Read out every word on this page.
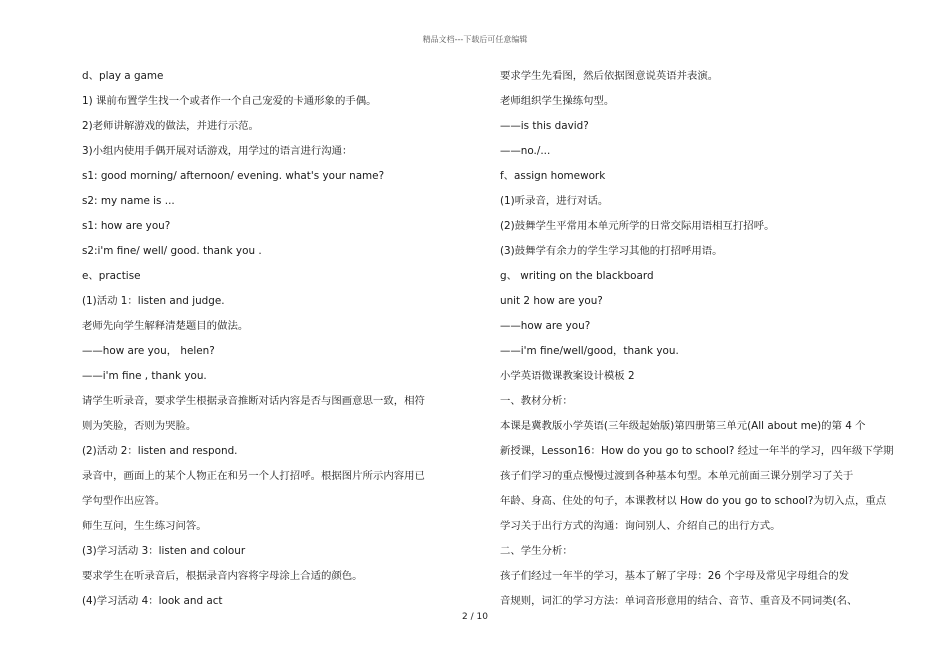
精品文档---下载后可任意编辑
d、play a game
1) 课前布置学生找一个或者作一个自己宠爱的卡通形象的手偶。
2)老师讲解游戏的做法，并进行示范。
3)小组内使用手偶开展对话游戏，用学过的语言进行沟通：
s1: good morning/ afternoon/ evening. what's your name?
s2: my name is ...
s1: how are you?
s2:i'm fine/ well/ good. thank you .
e、practise
(1)活动 1：listen and judge.
老师先向学生解释清楚题目的做法。
——how are you， helen?
——i'm fine , thank you.
请学生听录音，要求学生根据录音推断对话内容是否与图画意思一致，相符
则为笑脸，否则为哭脸。
(2)活动 2：listen and respond.
录音中，画面上的某个人物正在和另一个人打招呼。根据图片所示内容用已
学句型作出应答。
师生互问，生生练习问答。
(3)学习活动 3：listen and colour
要求学生在听录音后，根据录音内容将字母涂上合适的颜色。
(4)学习活动 4：look and act
要求学生先看图，然后依据图意说英语并表演。
老师组织学生操练句型。
——is this david?
——no./...
f、assign homework
(1)听录音，进行对话。
(2)鼓舞学生平常用本单元所学的日常交际用语相互打招呼。
(3)鼓舞学有余力的学生学习其他的打招呼用语。
g、 writing on the blackboard
unit 2 how are you?
——how are you?
——i'm fine/well/good，thank you.
小学英语微课教案设计模板 2
一、教材分析：
本课是冀教版小学英语(三年级起始版)第四册第三单元(All about me)的第 4 个
新授课，Lesson16：How do you go to school? 经过一年半的学习，四年级下学期
孩子们学习的重点慢慢过渡到各种基本句型。本单元前面三课分别学习了关于
年龄、身高、住处的句子，本课教材以 How do you go to school?为切入点，重点
学习关于出行方式的沟通：询问别人、介绍自己的出行方式。
二、学生分析：
孩子们经过一年半的学习，基本了解了字母：26 个字母及常见字母组合的发
音规则，词汇的学习方法：单词音形意用的结合、音节、重音及不同词类(名、
2 / 10
